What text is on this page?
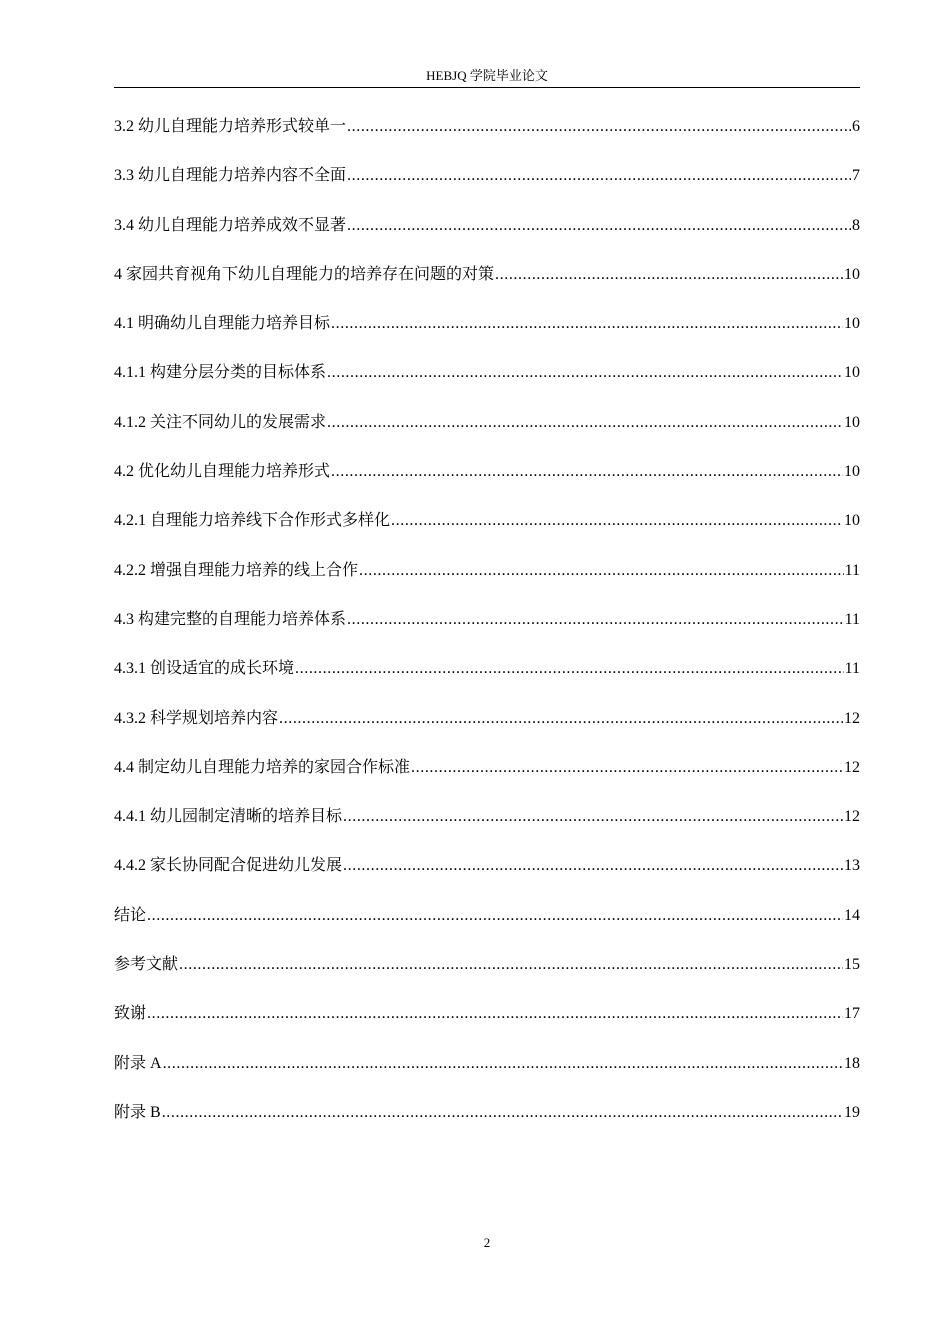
HEBJQ 学院毕业论文
3.2 幼儿自理能力培养形式较单一 .....	6
3.3 幼儿自理能力培养内容不全面 .....	7
3.4 幼儿自理能力培养成效不显著 .....	8
4 家园共育视角下幼儿自理能力的培养存在问题的对策 .....	10
4.1 明确幼儿自理能力培养目标 .....	10
4.1.1 构建分层分类的目标体系 .....	10
4.1.2 关注不同幼儿的发展需求 .....	10
4.2 优化幼儿自理能力培养形式 .....	10
4.2.1 自理能力培养线下合作形式多样化 .....	10
4.2.2 增强自理能力培养的线上合作 .....	11
4.3 构建完整的自理能力培养体系 .....	11
4.3.1 创设适宜的成长环境 .....	11
4.3.2 科学规划培养内容 .....	12
4.4 制定幼儿自理能力培养的家园合作标准 .....	12
4.4.1 幼儿园制定清晰的培养目标 .....	12
4.4.2 家长协同配合促进幼儿发展 .....	13
结论 .....	14
参考文献 .....	15
致谢 .....	17
附录 A .....	18
附录 B .....	19
2
